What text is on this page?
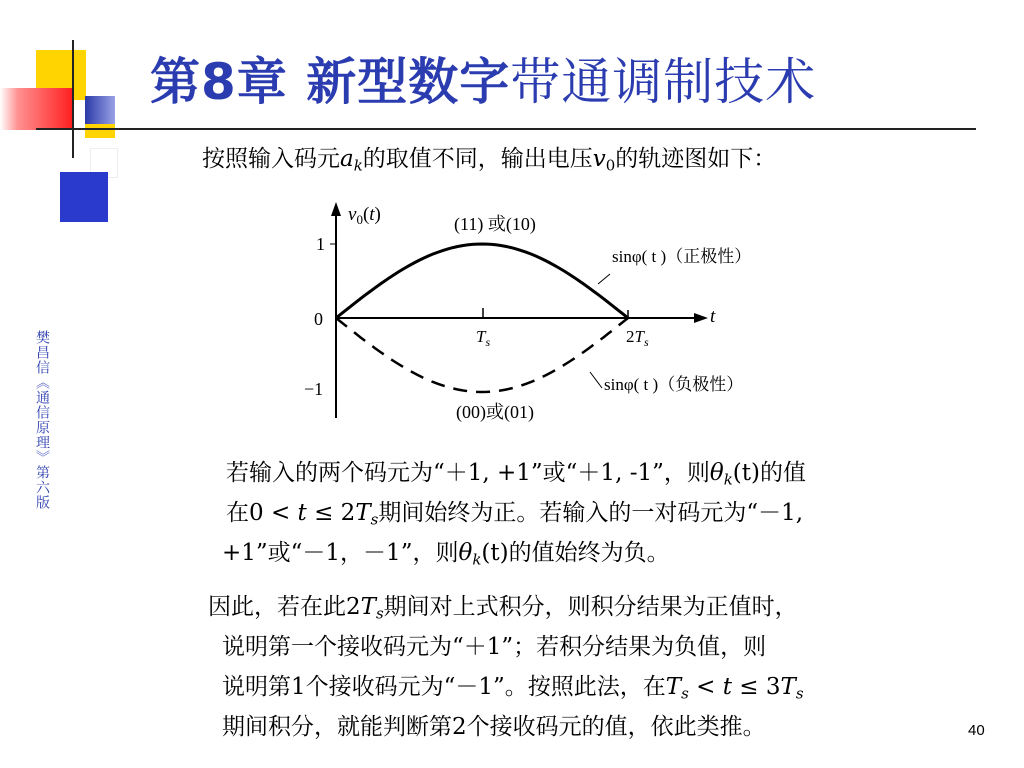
第8章 新型数字带通调制技术
樊昌信《通信原理》第六版
按照输入码元$a_k$的取值不同，输出电压$v_0$的轨迹图如下：
$v_0(t)$
1
0
−1
t
$T_s$	$2T_s$
(11) 或(10)
(00)或(01)
sinφ( t )（正极性）
sinφ( t )（负极性）
若输入的两个码元为“＋1, +1”或“＋1, -1”，则$\theta_k(t)$的值
在$0 < t \le 2T_s$期间始终为正。若输入的一对码元为“－1,
+1”或“－1，－1”，则$\theta_k(t)$的值始终为负。
因此，若在此$2T_s$期间对上式积分，则积分结果为正值时，
说明第一个接收码元为“＋1”；若积分结果为负值，则
说明第1个接收码元为“－1”。按照此法，在$T_s < t \le 3T_s$
期间积分，就能判断第2个接收码元的值，依此类推。	40
